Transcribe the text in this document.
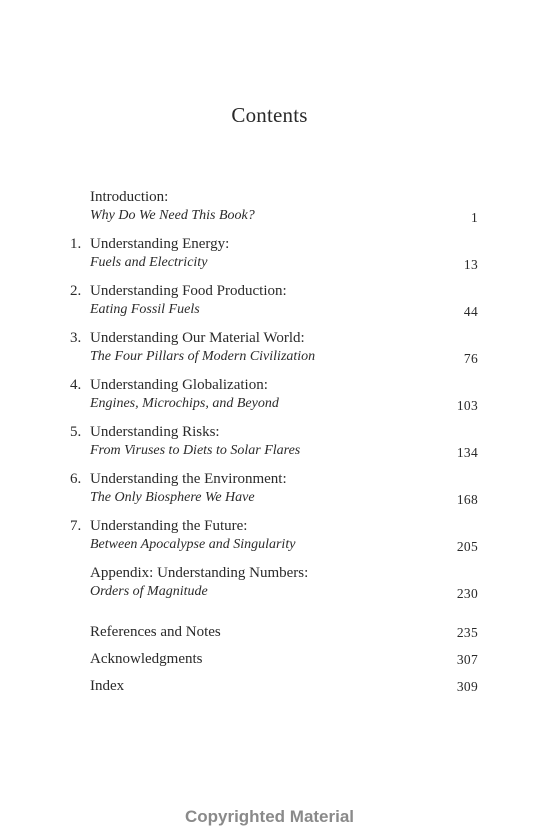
Contents
Introduction:
Why Do We Need This Book?	1
1. Understanding Energy:
Fuels and Electricity	13
2. Understanding Food Production:
Eating Fossil Fuels	44
3. Understanding Our Material World:
The Four Pillars of Modern Civilization	76
4. Understanding Globalization:
Engines, Microchips, and Beyond	103
5. Understanding Risks:
From Viruses to Diets to Solar Flares	134
6. Understanding the Environment:
The Only Biosphere We Have	168
7. Understanding the Future:
Between Apocalypse and Singularity	205
Appendix: Understanding Numbers:
Orders of Magnitude	230
References and Notes	235
Acknowledgments	307
Index	309
Copyrighted Material
